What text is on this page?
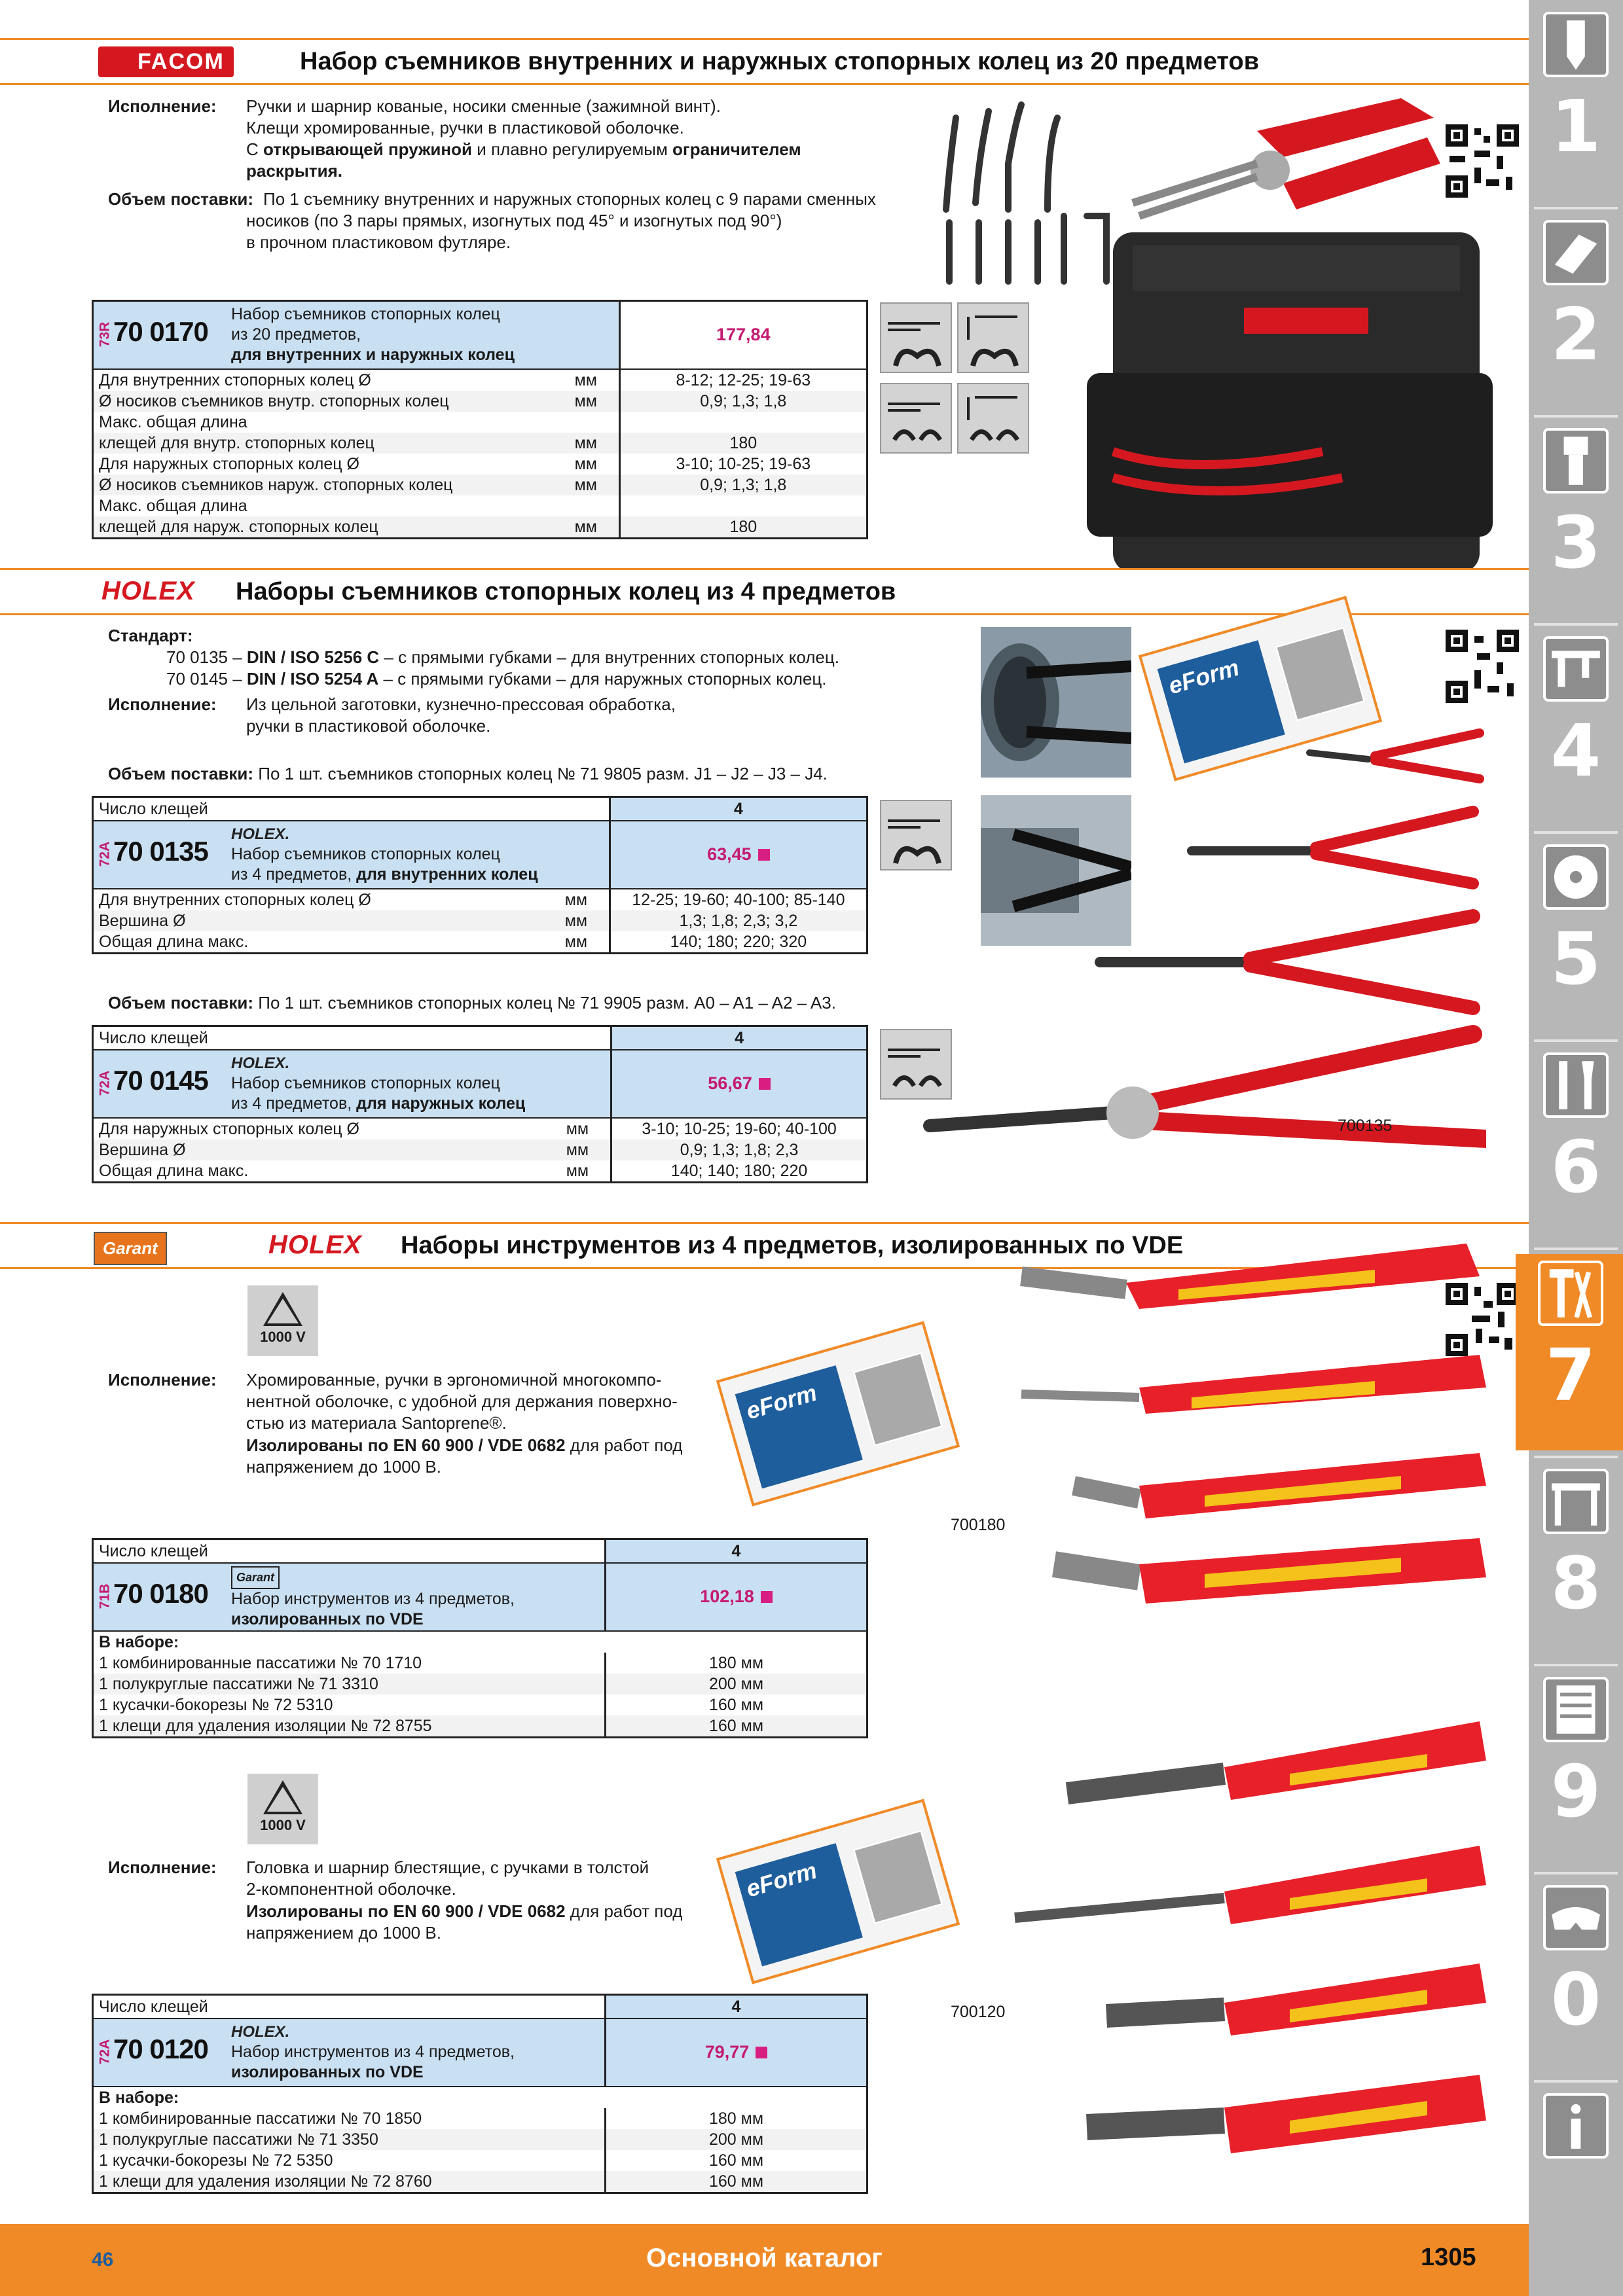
FACOM	Набор съемников внутренних и наружных стопорных колец из 20 предметов
Исполнение: Ручки и шарнир кованые, носики сменные (зажимной винт).
Клещи хромированные, ручки в пластиковой оболочке.
С открывающей пружиной и плавно регулируемым ограничителем
раскрытия.
Объем поставки: По 1 съемнику внутренних и наружных стопорных колец с 9 парами сменных
носиков (по 3 пары прямых, изогнутых под 45° и изогнутых под 90°)
в прочном пластиковом футляре.
73R 70 0170
Набор съемников стопорных колец
из 20 предметов,
для внутренних и наружных колец		177,84
Для внутренних стопорных колец Ø	мм	8-12; 12-25; 19-63
Ø носиков съемников внутр. стопорных колец	мм	0,9; 1,3; 1,8
Макс. общая длина		
клещей для внутр. стопорных колец	мм	180
Для наружных стопорных колец Ø	мм	3-10; 10-25; 19-63
Ø носиков съемников наруж. стопорных колец	мм	0,9; 1,3; 1,8
Макс. общая длина		
клещей для наруж. стопорных колец	мм	180
HOLEX Наборы съемников стопорных колец из 4 предметов
Стандарт:
70 0135 – DIN / ISO 5256 C – с прямыми губками – для внутренних стопорных колец.
70 0145 – DIN / ISO 5254 A – с прямыми губками – для наружных стопорных колец.
Исполнение: Из цельной заготовки, кузнечно-прессовая обработка,
ручки в пластиковой оболочке.
Объем поставки: По 1 шт. съемников стопорных колец № 71 9805 разм. J1 – J2 – J3 – J4.
Число клещей		4

72A 70 0135
HOLEX.
Набор съемников стопорных колец
из 4 предметов, для внутренних колец		63,45
Для внутренних стопорных колец Ø	мм	12-25; 19-60; 40-100; 85-140
Вершина Ø	мм	1,3; 1,8; 2,3; 3,2
Общая длина макс.	мм	140; 180; 220; 320
Объем поставки: По 1 шт. съемников стопорных колец № 71 9905 разм. A0 – A1 – A2 – A3.
Число клещей		4

72A 70 0145
HOLEX.
Набор съемников стопорных колец
из 4 предметов, для наружных колец		56,67
Для наружных стопорных колец Ø	мм	3-10; 10-25; 19-60; 40-100
Вершина Ø	мм	0,9; 1,3; 1,8; 2,3
Общая длина макс.	мм	140; 140; 180; 220
eForm
700135
Garant	HOLEX Наборы инструментов из 4 предметов, изолированных по VDE
1000 V
Исполнение: Хромированные, ручки в эргономичной многокомпо-
нентной оболочке, с удобной для держания поверхно-
стью из материала Santoprene®.
Изолированы по EN 60 900 / VDE 0682 для работ под
напряжением до 1000 В.
Число клещей	4

71B 70 0180
Garant
Набор инструментов из 4 предметов,
изолированных по VDE	102,18
В наборе:	
1 комбинированные пассатижи № 70 1710	180 мм
1 полукруглые пассатижи № 71 3310	200 мм
1 кусачки-бокорезы № 72 5310	160 мм
1 клещи для удаления изоляции № 72 8755	160 мм
1000 V
Исполнение: Головка и шарнир блестящие, с ручками в толстой
2-компонентной оболочке.
Изолированы по EN 60 900 / VDE 0682 для работ под
напряжением до 1000 В.
Число клещей	4

72A 70 0120
HOLEX.
Набор инструментов из 4 предметов,
изолированных по VDE	79,77
В наборе:	
1 комбинированные пассатижи № 70 1850	180 мм
1 полукруглые пассатижи № 71 3350	200 мм
1 кусачки-бокорезы № 72 5350	160 мм
1 клещи для удаления изоляции № 72 8760	160 мм
eForm
eForm
700180
700120
46	Основной каталог	1305
1
2
3
4
5
6
7
8
9
0
